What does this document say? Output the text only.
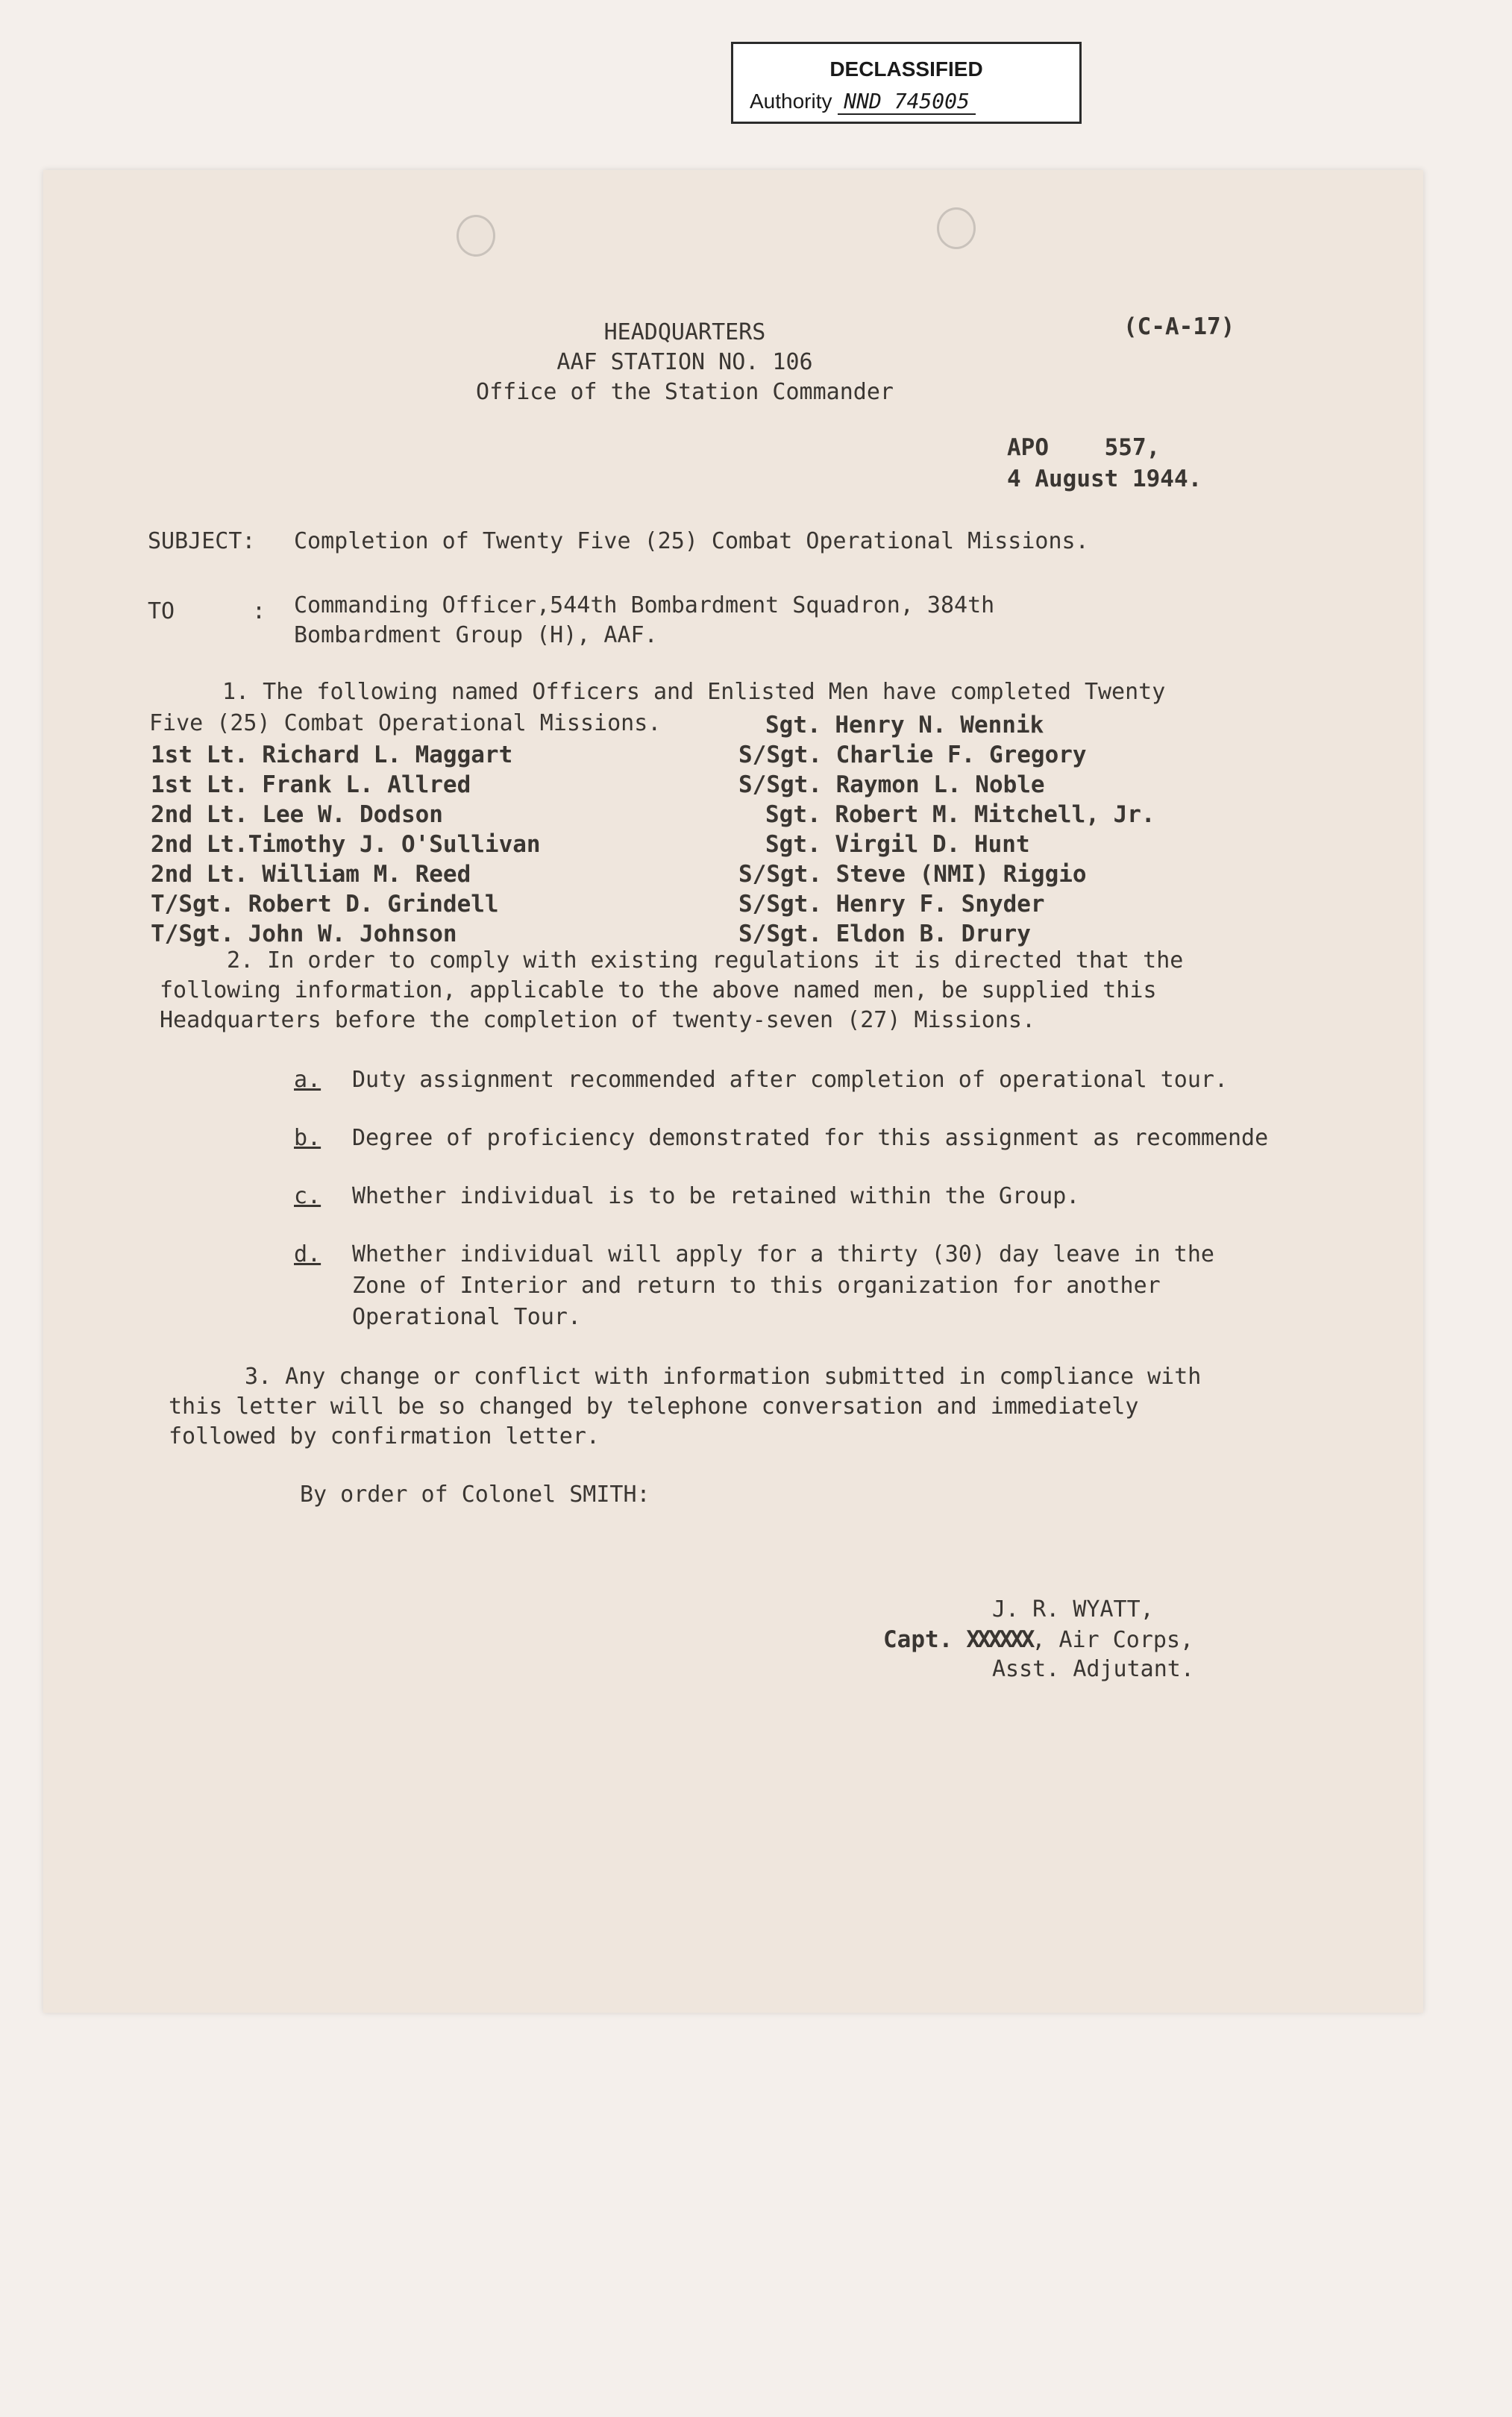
DECLASSIFIED
Authority NND 745005
HEADQUARTERS
AAF STATION NO. 106
Office of the Station Commander
(C-A-17)
APO    557,
4 August 1944.
SUBJECT: Completion of Twenty Five (25) Combat Operational Missions.
TO	: Commanding Officer,544th Bombardment Squadron, 384th
Bombardment Group (H), AAF.
1. The following named Officers and Enlisted Men have completed Twenty
Five (25) Combat Operational Missions.
1st Lt. Richard L. Maggart
1st Lt. Frank L. Allred
2nd Lt. Lee W. Dodson
2nd Lt.Timothy J. O'Sullivan
2nd Lt. William M. Reed
T/Sgt. Robert D. Grindell
T/Sgt. John W. Johnson
Sgt. Henry N. Wennik
S/Sgt. Charlie F. Gregory
S/Sgt. Raymon L. Noble
Sgt. Robert M. Mitchell, Jr.
Sgt. Virgil D. Hunt
S/Sgt. Steve (NMI) Riggio
S/Sgt. Henry F. Snyder
S/Sgt. Eldon B. Drury
2. In order to comply with existing regulations it is directed that the
following information, applicable to the above named men, be supplied this
Headquarters before the completion of twenty-seven (27) Missions.
a. Duty assignment recommended after completion of operational tour.
b. Degree of proficiency demonstrated for this assignment as recommende
c. Whether individual is to be retained within the Group.
d. Whether individual will apply for a thirty (30) day leave in the
Zone of Interior and return to this organization for another
Operational Tour.
3. Any change or conflict with information submitted in compliance with
this letter will be so changed by telephone conversation and immediately
followed by confirmation letter.
By order of Colonel SMITH:
J. R. WYATT,
Capt. XXXXXX, Air Corps,
Asst. Adjutant.
